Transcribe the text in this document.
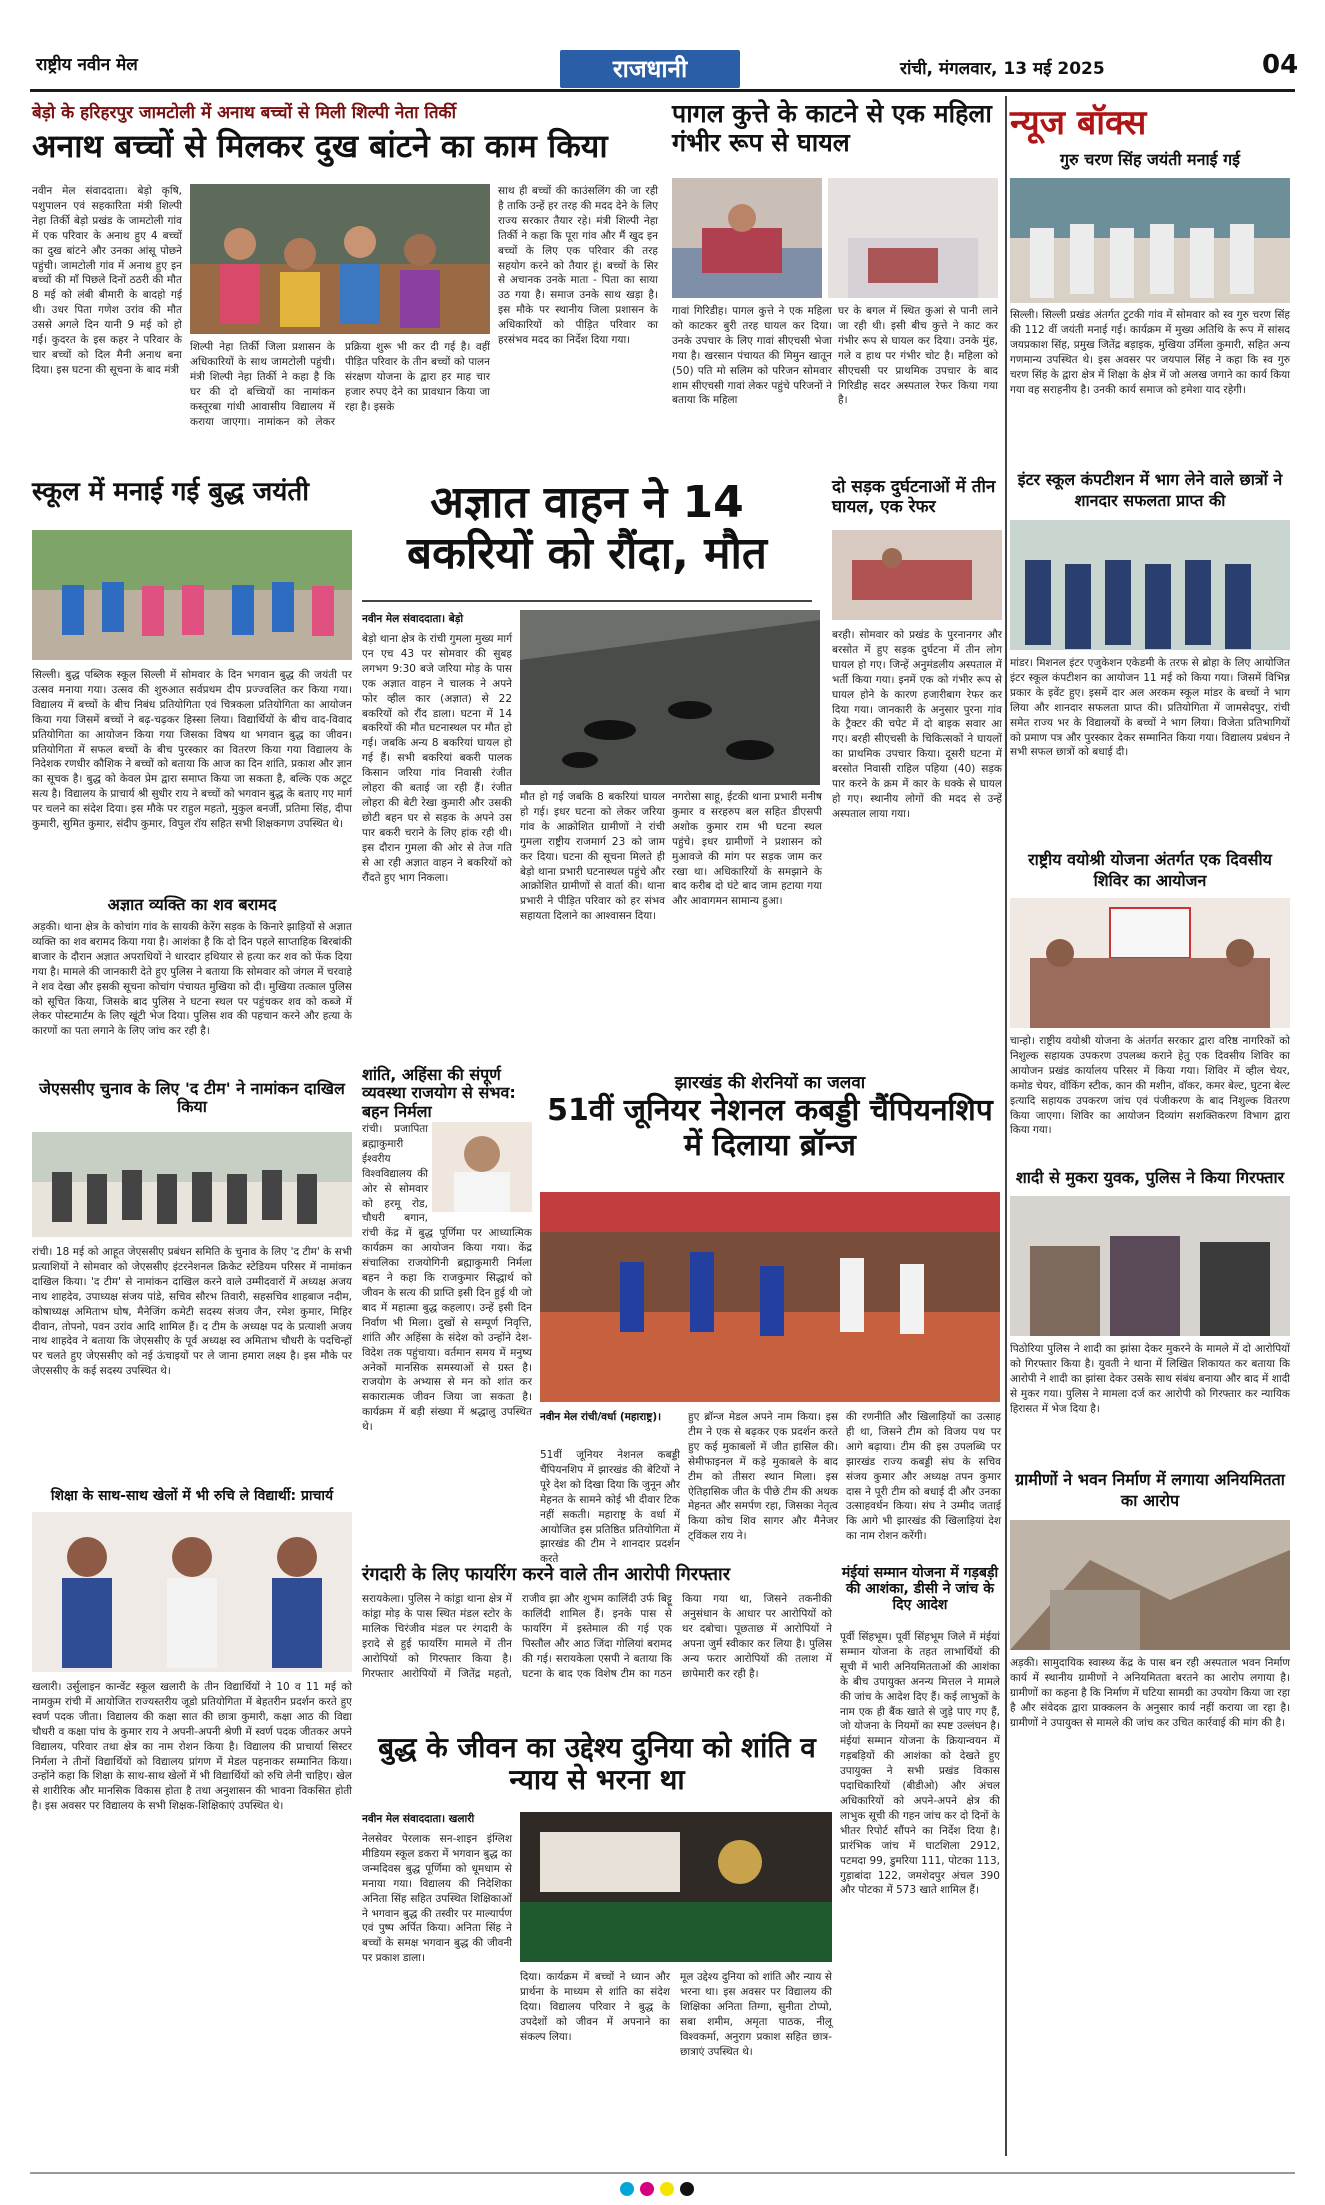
राष्ट्रीय नवीन मेल	राजधानी	रांची, मंगलवार, 13 मई 2025	04
बेड़ो के हरिहरपुर जामटोली में अनाथ बच्चों से मिली शिल्पी नेता तिर्की
अनाथ बच्चों से मिलकर दुख बांटने का काम किया
नवीन मेल संवाददाता। बेड़ो कृषि, पशुपालन एवं सहकारिता मंत्री शिल्पी नेहा तिर्की बेड़ो प्रखंड के जामटोली गांव में एक परिवार के अनाथ हुए 4 बच्चों का दुख बांटने और उनका आंसू पोछने पहुंची। जामटोली गांव में अनाथ हुए इन बच्चों की माँ पिछले दिनों ठठरी की मौत 8 मई को लंबी बीमारी के बादहो गई थी। उधर पिता गणेश उरांव की मौत उससे अगले दिन यानी 9 मई को हो गई। कुदरत के इस कहर ने परिवार के चार बच्चों को दिल मैनी अनाथ बना दिया। इस घटना की सूचना के बाद मंत्री
शिल्पी नेहा तिर्की जिला प्रशासन के अधिकारियों के साथ जामटोली पहुंची। मंत्री शिल्पी नेहा तिर्की ने कहा है कि घर की दो बच्चियों का नामांकन कस्तूरबा गांधी आवासीय विद्यालय में कराया जाएगा। नामांकन को लेकर प्रक्रिया शुरू भी कर दी गई है। वहीं पीड़ित परिवार के तीन बच्चों को पालन संरक्षण योजना के द्वारा हर माह चार हजार रुपए देने का प्रावधान किया जा रहा है। इसके
साथ ही बच्चों की काउंसलिंग की जा रही है ताकि उन्हें हर तरह की मदद देने के लिए राज्य सरकार तैयार रहे। मंत्री शिल्पी नेहा तिर्की ने कहा कि पूरा गांव और मैं खुद इन बच्चों के लिए एक परिवार की तरह सहयोग करने को तैयार हूं। बच्चों के सिर से अचानक उनके माता - पिता का साया उठ गया है। समाज उनके साथ खड़ा है। इस मौके पर स्थानीय जिला प्रशासन के अधिकारियों को पीड़ित परिवार का हरसंभव मदद का निर्देश दिया गया।
पागल कुत्ते के काटने से एक महिला गंभीर रूप से घायल
गावां गिरिडीह। पागल कुत्ते ने एक महिला को काटकर बुरी तरह घायल कर दिया। उनके उपचार के लिए गावां सीएचसी भेजा गया है। खरसान पंचायत की मिमुन खातून (50) पति मो सलिम को परिजन सोमवार शाम सीएचसी गावां लेकर पहुंचे परिजनों ने बताया कि महिला
घर के बगल में स्थित कुआं से पानी लाने जा रही थी। इसी बीच कुत्ते ने काट कर गंभीर रूप से घायल कर दिया। उनके मुंह, गले व हाथ पर गंभीर चोट है। महिला को सीएचसी पर प्राथमिक उपचार के बाद गिरिडीह सदर अस्पताल रेफर किया गया है।
स्कूल में मनाई गई बुद्ध जयंती	अज्ञात वाहन ने 14 बकरियों को रौंदा, मौत
नवीन मेल संवाददाता। बेड़ो
बेड़ो थाना क्षेत्र के रांची गुमला मुख्य मार्ग एन एच 43 पर सोमवार की सुबह लगभग 9:30 बजे जरिया मोड़ के पास एक अज्ञात वाहन ने चालक ने अपने फोर व्हील कार (अज्ञात) से 22 बकरियों को रौंद डाला। घटना में 14 बकरियों की मौत घटनास्थल पर मौत हो गई। जबकि अन्य 8 बकरियां घायल हो गई हैं। सभी बकरियां बकरी पालक किसान जरिया गांव निवासी रंजीत लोहरा की बताई जा रही हैं। रंजीत लोहरा की बेटी रेखा कुमारी और उसकी छोटी बहन घर से सड़क के अपने उस पार बकरी चराने के लिए हांक रही थी। इस दौरान गुमला की ओर से तेज गति से आ रही अज्ञात वाहन ने बकरियों को रौंदते हुए भाग निकला।
मौत हो गई जबकि 8 बकरियां घायल हो गई। इधर घटना को लेकर जरिया गांव के आक्रोशित ग्रामीणों ने रांची गुमला राष्ट्रीय राजमार्ग 23 को जाम कर दिया। घटना की सूचना मिलते ही बेड़ो थाना प्रभारी घटनास्थल पहुंचे और आक्रोशित ग्रामीणों से वार्ता की। थाना प्रभारी ने पीड़ित परिवार को हर संभव सहायता दिलाने का आश्वासन दिया।
नगरोसा साहू, ईटकी थाना प्रभारी मनीष कुमार व सरहरुप बल सहित डीएसपी अशोक कुमार राम भी घटना स्थल पहुंचे। इधर ग्रामीणों ने प्रशासन को मुआवजे की मांग पर सड़क जाम कर रखा था। अधिकारियों के समझाने के बाद करीब दो घंटे बाद जाम हटाया गया और आवागमन सामान्य हुआ।
दो सड़क दुर्घटनाओं में तीन घायल, एक रेफर
बरही। सोमवार को प्रखंड के पुरनानगर और बरसोत में हुए सड़क दुर्घटना में तीन लोग घायल हो गए। जिन्हें अनुमंडलीय अस्पताल में भर्ती किया गया। इनमें एक को गंभीर रूप से घायल होने के कारण हजारीबाग रेफर कर दिया गया। जानकारी के अनुसार पुरना गांव के ट्रैक्टर की चपेट में दो बाइक सवार आ गए। बरही सीएचसी के चिकित्सकों ने घायलों का प्राथमिक उपचार किया। दूसरी घटना में बरसोत निवासी राहिल पहिया (40) सड़क पार करने के क्रम में कार के धक्के से घायल हो गए। स्थानीय लोगों की मदद से उन्हें अस्पताल लाया गया।
सिल्ली। बुद्ध पब्लिक स्कूल सिल्ली में सोमवार के दिन भगवान बुद्ध की जयंती पर उत्सव मनाया गया। उत्सव की शुरुआत सर्वप्रथम दीप प्रज्ज्वलित कर किया गया। विद्यालय में बच्चों के बीच निबंध प्रतियोगिता एवं चित्रकला प्रतियोगिता का आयोजन किया गया जिसमें बच्चों ने बढ़-चढ़कर हिस्सा लिया। विद्यार्थियों के बीच वाद-विवाद प्रतियोगिता का आयोजन किया गया जिसका विषय था भगवान बुद्ध का जीवन। प्रतियोगिता में सफल बच्चों के बीच पुरस्कार का वितरण किया गया विद्यालय के निदेशक रणधीर कौशिक ने बच्चों को बताया कि आज का दिन शांति, प्रकाश और ज्ञान का सूचक है। बुद्ध को केवल प्रेम द्वारा समाप्त किया जा सकता है, बल्कि एक अटूट सत्य है। विद्यालय के प्राचार्य श्री सुधीर राय ने बच्चों को भगवान बुद्ध के बताए गए मार्ग पर चलने का संदेश दिया। इस मौके पर राहुल महतो, मुकुल बनर्जी, प्रतिमा सिंह, दीपा कुमारी, सुमित कुमार, संदीप कुमार, विपुल रॉय सहित सभी शिक्षकगण उपस्थित थे।
अज्ञात व्यक्ति का शव बरामद
अड़की। थाना क्षेत्र के कोचांग गांव के सायकी केरेंग सड़क के किनारे झाड़ियों से अज्ञात व्यक्ति का शव बरामद किया गया है। आशंका है कि दो दिन पहले साप्ताहिक बिरबांकी बाजार के दौरान अज्ञात अपराधियों ने धारदार हथियार से हत्या कर शव को फेंक दिया गया है। मामले की जानकारी देते हुए पुलिस ने बताया कि सोमवार को जंगल में चरवाहे ने शव देखा और इसकी सूचना कोचांग पंचायत मुखिया को दी। मुखिया तत्काल पुलिस को सूचित किया, जिसके बाद पुलिस ने घटना स्थल पर पहुंचकर शव को कब्जे में लेकर पोस्टमार्टम के लिए खूंटी भेज दिया। पुलिस शव की पहचान करने और हत्या के कारणों का पता लगाने के लिए जांच कर रही है।
शांति, अहिंसा की संपूर्ण व्यवस्था राजयोग से संभव: बहन निर्मला
रांची। प्रजापिता ब्रह्माकुमारी ईश्वरीय विश्वविद्यालय की ओर से सोमवार को हरमू रोड, चौधरी बगान, रांची केंद्र में बुद्ध पूर्णिमा पर आध्यात्मिक कार्यक्रम का आयोजन किया गया। केंद्र संचालिका राजयोगिनी ब्रह्माकुमारी निर्मला बहन ने कहा कि राजकुमार सिद्धार्थ को जीवन के सत्य की प्राप्ति इसी दिन हुई थी जो बाद में महात्मा बुद्ध कहलाए। उन्हें इसी दिन निर्वाण भी मिला। दुखों से सम्पूर्ण निवृत्ति, शांति और अहिंसा के संदेश को उन्होंने देश-विदेश तक पहुंचाया। वर्तमान समय में मनुष्य अनेकों मानसिक समस्याओं से ग्रस्त है। राजयोग के अभ्यास से मन को शांत कर सकारात्मक जीवन जिया जा सकता है। कार्यक्रम में बड़ी संख्या में श्रद्धालु उपस्थित थे।
जेएससीए चुनाव के लिए 'द टीम' ने नामांकन दाखिल किया
रांची। 18 मई को आहूत जेएससीए प्रबंधन समिति के चुनाव के लिए 'द टीम' के सभी प्रत्याशियों ने सोमवार को जेएससीए इंटरनेशनल क्रिकेट स्टेडियम परिसर में नामांकन दाखिल किया। 'द टीम' से नामांकन दाखिल करने वाले उम्मीदवारों में अध्यक्ष अजय नाथ शाहदेव, उपाध्यक्ष संजय पांडे, सचिव सौरभ तिवारी, सहसचिव शाहबाज नदीम, कोषाध्यक्ष अमिताभ घोष, मैनेजिंग कमेटी सदस्य संजय जैन, रमेश कुमार, मिहिर दीवान, तोपनो, पवन उरांव आदि शामिल हैं। द टीम के अध्यक्ष पद के प्रत्याशी अजय नाथ शाहदेव ने बताया कि जेएससीए के पूर्व अध्यक्ष स्व अमिताभ चौधरी के पदचिन्हों पर चलते हुए जेएससीए को नई ऊंचाइयों पर ले जाना हमारा लक्ष्य है। इस मौके पर जेएससीए के कई सदस्य उपस्थित थे।
झारखंड की शेरनियों का जलवा
51वीं जूनियर नेशनल कबड्डी चैंपियनशिप में दिलाया ब्रॉन्ज
नवीन मेल रांची/वर्धा (महाराष्ट्र)।
51वीं जूनियर नेशनल कबड्डी चैंपियनशिप में झारखंड की बेटियों ने पूरे देश को दिखा दिया कि जुनून और मेहनत के सामने कोई भी दीवार टिक नहीं सकती। महाराष्ट्र के वर्धा में आयोजित इस प्रतिष्ठित प्रतियोगिता में झारखंड की टीम ने शानदार प्रदर्शन करते
हुए ब्रॉन्ज मेडल अपने नाम किया। इस टीम ने एक से बढ़कर एक प्रदर्शन करते हुए कई मुकाबलों में जीत हासिल की। सेमीफाइनल में कड़े मुकाबले के बाद टीम को तीसरा स्थान मिला। इस ऐतिहासिक जीत के पीछे टीम की अथक मेहनत और समर्पण रहा, जिसका नेतृत्व किया कोच शिव सागर और मैनेजर ट्विंकल राय ने।
की रणनीति और खिलाड़ियों का उत्साह ही था, जिसने टीम को विजय पथ पर आगे बढ़ाया। टीम की इस उपलब्धि पर झारखंड राज्य कबड्डी संघ के सचिव संजय कुमार और अध्यक्ष तपन कुमार दास ने पूरी टीम को बधाई दी और उनका उत्साहवर्धन किया। संघ ने उम्मीद जताई कि आगे भी झारखंड की खिलाड़ियां देश का नाम रोशन करेंगी।
रंगदारी के लिए फायरिंग करने वाले तीन आरोपी गिरफ्तार
सरायकेला। पुलिस ने कांड्रा थाना क्षेत्र में कांड्रा मोड़ के पास स्थित मंडल स्टोर के मालिक चिरंजीव मंडल पर रंगदारी के इरादे से हुई फायरिंग मामले में तीन आरोपियों को गिरफ्तार किया है। गिरफ्तार आरोपियों में जितेंद्र महतो, राजीव झा और शुभम कालिंदी उर्फ बिट्टू कालिंदी शामिल हैं। इनके पास से फायरिंग में इस्तेमाल की गई एक पिस्तौल और आठ जिंदा गोलियां बरामद की गई। सरायकेला एसपी ने बताया कि घटना के बाद एक विशेष टीम का गठन किया गया था, जिसने तकनीकी अनुसंधान के आधार पर आरोपियों को धर दबोचा। पूछताछ में आरोपियों ने अपना जुर्म स्वीकार कर लिया है। पुलिस अन्य फरार आरोपियों की तलाश में छापेमारी कर रही है।
मंईयां सम्मान योजना में गड़बड़ी की आशंका, डीसी ने जांच के दिए आदेश
पूर्वी सिंहभूम। पूर्वी सिंहभूम जिले में मंईयां सम्मान योजना के तहत लाभार्थियों की सूची में भारी अनियमितताओं की आशंका के बीच उपायुक्त अनन्य मित्तल ने मामले की जांच के आदेश दिए हैं। कई लाभुकों के नाम एक ही बैंक खाते से जुड़े पाए गए हैं, जो योजना के नियमों का स्पष्ट उल्लंघन है। मंईयां सम्मान योजना के क्रियान्वयन में गड़बड़ियों की आशंका को देखते हुए उपायुक्त ने सभी प्रखंड विकास पदाधिकारियों (बीडीओ) और अंचल अधिकारियों को अपने-अपने क्षेत्र की लाभुक सूची की गहन जांच कर दो दिनों के भीतर रिपोर्ट सौंपने का निर्देश दिया है। प्रारंभिक जांच में घाटशिला 2912, पटमदा 99, डुमरिया 111, पोटका 113, गुड़ाबांदा 122, जमशेदपुर अंचल 390 और पोटका में 573 खाते शामिल हैं।
शिक्षा के साथ-साथ खेलों में भी रुचि ले विद्यार्थी: प्राचार्य
खलारी। उर्सुलाइन कान्वेंट स्कूल खलारी के तीन विद्यार्थियों ने 10 व 11 मई को नामकुम रांची में आयोजित राज्यस्तरीय जूडो प्रतियोगिता में बेहतरीन प्रदर्शन करते हुए स्वर्ण पदक जीता। विद्यालय की कक्षा सात की छात्रा कुमारी, कक्षा आठ की विद्या चौधरी व कक्षा पांच के कुमार राय ने अपनी-अपनी श्रेणी में स्वर्ण पदक जीतकर अपने विद्यालय, परिवार तथा क्षेत्र का नाम रोशन किया है। विद्यालय की प्राचार्या सिस्टर निर्मला ने तीनों विद्यार्थियों को विद्यालय प्रांगण में मेडल पहनाकर सम्मानित किया। उन्होंने कहा कि शिक्षा के साथ-साथ खेलों में भी विद्यार्थियों को रुचि लेनी चाहिए। खेल से शारीरिक और मानसिक विकास होता है तथा अनुशासन की भावना विकसित होती है। इस अवसर पर विद्यालय के सभी शिक्षक-शिक्षिकाएं उपस्थित थे।
बुद्ध के जीवन का उद्देश्य दुनिया को शांति व न्याय से भरना था
नवीन मेल संवाददाता। खलारी
नेलसेवर पेरलाक सन-शाइन इंग्लिश मीडियम स्कूल डकरा में भगवान बुद्ध का जन्मदिवस बुद्ध पूर्णिमा को धूमधाम से मनाया गया। विद्यालय की निदेशिका अनिता सिंह सहित उपस्थित शिक्षिकाओं ने भगवान बुद्ध की तस्वीर पर माल्यार्पण एवं पुष्प अर्पित किया। अनिता सिंह ने बच्चों के समक्ष भगवान बुद्ध की जीवनी पर प्रकाश डाला।
दिया। कार्यक्रम में बच्चों ने ध्यान और प्रार्थना के माध्यम से शांति का संदेश दिया। विद्यालय परिवार ने बुद्ध के उपदेशों को जीवन में अपनाने का संकल्प लिया।
मूल उद्देश्य दुनिया को शांति और न्याय से भरना था। इस अवसर पर विद्यालय की शिक्षिका अनिता तिग्गा, सुनीता टोप्पो, सबा शमीम, अमृता पाठक, नीलू विश्वकर्मा, अनुराग प्रकाश सहित छात्र-छात्राएं उपस्थित थे।
न्यूज बॉक्स
गुरु चरण सिंह जयंती मनाई गई
सिल्ली। सिल्ली प्रखंड अंतर्गत टुटकी गांव में सोमवार को स्व गुरु चरण सिंह की 112 वीं जयंती मनाई गई। कार्यक्रम में मुख्य अतिथि के रूप में सांसद जयप्रकाश सिंह, प्रमुख जितेंद्र बड़ाइक, मुखिया उर्मिला कुमारी, सहित अन्य गणमान्य उपस्थित थे। इस अवसर पर जयपाल सिंह ने कहा कि स्व गुरु चरण सिंह के द्वारा क्षेत्र में शिक्षा के क्षेत्र में जो अलख जगाने का कार्य किया गया वह सराहनीय है। उनकी कार्य समाज को हमेशा याद रहेगी।
इंटर स्कूल कंपटीशन में भाग लेने वाले छात्रों ने शानदार सफलता प्राप्त की
मांडर। मिशनल इंटर एजुकेशन एकेडमी के तरफ से ब्रोहा के लिए आयोजित इंटर स्कूल कंपटीशन का आयोजन 11 मई को किया गया। जिसमें विभिन्न प्रकार के इवेंट हुए। इसमें दार अल अरकम स्कूल मांडर के बच्चों ने भाग लिया और शानदार सफलता प्राप्त की। प्रतियोगिता में जामसेदपुर, रांची समेत राज्य भर के विद्यालयों के बच्चों ने भाग लिया। विजेता प्रतिभागियों को प्रमाण पत्र और पुरस्कार देकर सम्मानित किया गया। विद्यालय प्रबंधन ने सभी सफल छात्रों को बधाई दी।
राष्ट्रीय वयोश्री योजना अंतर्गत एक दिवसीय शिविर का आयोजन
चान्हो। राष्ट्रीय वयोश्री योजना के अंतर्गत सरकार द्वारा वरिष्ठ नागरिकों को निशुल्क सहायक उपकरण उपलब्ध कराने हेतु एक दिवसीय शिविर का आयोजन प्रखंड कार्यालय परिसर में किया गया। शिविर में व्हील चेयर, कमोड चेयर, वॉकिंग स्टीक, कान की मशीन, वॉकर, कमर बेल्ट, घुटना बेल्ट इत्यादि सहायक उपकरण जांच एवं पंजीकरण के बाद निशुल्क वितरण किया जाएगा। शिविर का आयोजन दिव्यांग सशक्तिकरण विभाग द्वारा किया गया।
शादी से मुकरा युवक, पुलिस ने किया गिरफ्तार
पिठोरिया पुलिस ने शादी का झांसा देकर मुकरने के मामले में दो आरोपियों को गिरफ्तार किया है। युवती ने थाना में लिखित शिकायत कर बताया कि आरोपी ने शादी का झांसा देकर उसके साथ संबंध बनाया और बाद में शादी से मुकर गया। पुलिस ने मामला दर्ज कर आरोपी को गिरफ्तार कर न्यायिक हिरासत में भेज दिया है।
ग्रामीणों ने भवन निर्माण में लगाया अनियमितता का आरोप
अड़की। सामुदायिक स्वास्थ्य केंद्र के पास बन रही अस्पताल भवन निर्माण कार्य में स्थानीय ग्रामीणों ने अनियमितता बरतने का आरोप लगाया है। ग्रामीणों का कहना है कि निर्माण में घटिया सामग्री का उपयोग किया जा रहा है और संवेदक द्वारा प्राक्कलन के अनुसार कार्य नहीं कराया जा रहा है। ग्रामीणों ने उपायुक्त से मामले की जांच कर उचित कार्रवाई की मांग की है।
